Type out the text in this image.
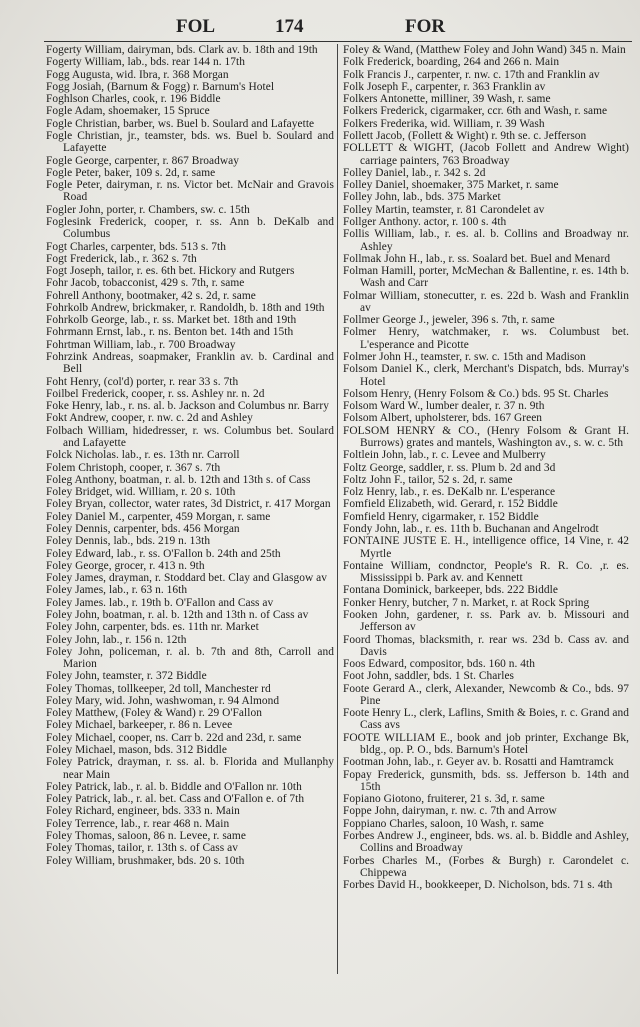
FOL	174	FOR

Fogerty William, dairyman, bds. Clark av. b. 18th and 19th

Fogerty William, lab., bds. rear 144 n. 17th

Fogg Augusta, wid. Ibra, r. 368 Morgan

Fogg Josiah, (Barnum & Fogg) r. Barnum's Hotel

Foghlson Charles, cook, r. 196 Biddle

Fogle Adam, shoemaker, 15 Spruce

Fogle Christian, barber, ws. Buel b. Soulard and Lafayette

Fogle Christian, jr., teamster, bds. ws. Buel b. Soulard and Lafayette

Fogle George, carpenter, r. 867 Broadway

Fogle Peter, baker, 109 s. 2d, r. same

Fogle Peter, dairyman, r. ns. Victor bet. McNair and Gravois Road

Fogler John, porter, r. Chambers, sw. c. 15th

Foglesink Frederick, cooper, r. ss. Ann b. DeKalb and Columbus

Fogt Charles, carpenter, bds. 513 s. 7th

Fogt Frederick, lab., r. 362 s. 7th

Fogt Joseph, tailor, r. es. 6th bet. Hickory and Rutgers

Fohr Jacob, tobacconist, 429 s. 7th, r. same

Fohrell Anthony, bootmaker, 42 s. 2d, r. same

Fohrkolb Andrew, brickmaker, r. Randoldh, b. 18th and 19th

Fohrkolb George, lab., r. ss. Market bet. 18th and 19th

Fohrmann Ernst, lab., r. ns. Benton bet. 14th and 15th

Fohrtman William, lab., r. 700 Broadway

Fohrzink Andreas, soapmaker, Franklin av. b. Cardinal and Bell

Foht Henry, (col'd) porter, r. rear 33 s. 7th

Foilbel Frederick, cooper, r. ss. Ashley nr. n. 2d

Foke Henry, lab., r. ns. al. b. Jackson and Columbus nr. Barry

Fokt Andrew, cooper, r. nw. c. 2d and Ashley

Folbach William, hidedresser, r. ws. Columbus bet. Soulard and Lafayette

Folck Nicholas. lab., r. es. 13th nr. Carroll

Folem Christoph, cooper, r. 367 s. 7th

Foleg Anthony, boatman, r. al. b. 12th and 13th s. of Cass

Foley Bridget, wid. William, r. 20 s. 10th

Foley Bryan, collector, water rates, 3d District, r. 417 Morgan

Foley Daniel M., carpenter, 459 Morgan, r. same

Foley Dennis, carpenter, bds. 456 Morgan

Foley Dennis, lab., bds. 219 n. 13th

Foley Edward, lab., r. ss. O'Fallon b. 24th and 25th

Foley George, grocer, r. 413 n. 9th

Foley James, drayman, r. Stoddard bet. Clay and Glasgow av

Foley James, lab., r. 63 n. 16th

Foley James. lab., r. 19th b. O'Fallon and Cass av

Foley John, boatman, r. al. b. 12th and 13th n. of Cass av

Foley John, carpenter, bds. es. 11th nr. Market

Foley John, lab., r. 156 n. 12th

Foley John, policeman, r. al. b. 7th and 8th, Carroll and Marion

Foley John, teamster, r. 372 Biddle

Foley Thomas, tollkeeper, 2d toll, Manchester rd

Foley Mary, wid. John, washwoman, r. 94 Almond

Foley Matthew, (Foley & Wand) r. 29 O'Fallon

Foley Michael, barkeeper, r. 86 n. Levee

Foley Michael, cooper, ns. Carr b. 22d and 23d, r. same

Foley Michael, mason, bds. 312 Biddle

Foley Patrick, drayman, r. ss. al. b. Florida and Mullanphy near Main

Foley Patrick, lab., r. al. b. Biddle and O'Fallon nr. 10th

Foley Patrick, lab., r. al. bet. Cass and O'Fallon e. of 7th

Foley Richard, engineer, bds. 333 n. Main

Foley Terrence, lab., r. rear 468 n. Main

Foley Thomas, saloon, 86 n. Levee, r. same

Foley Thomas, tailor, r. 13th s. of Cass av

Foley William, brushmaker, bds. 20 s. 10th

Foley & Wand, (Matthew Foley and John Wand) 345 n. Main

Folk Frederick, boarding, 264 and 266 n. Main

Folk Francis J., carpenter, r. nw. c. 17th and Franklin av

Folk Joseph F., carpenter, r. 363 Franklin av

Folkers Antonette, milliner, 39 Wash, r. same

Folkers Frederick, cigarmaker, ccr. 6th and Wash, r. same

Folkers Frederika, wid. William, r. 39 Wash

Follett Jacob, (Follett & Wight) r. 9th se. c. Jefferson

FOLLETT & WIGHT, (Jacob Follett and Andrew Wight) carriage painters, 763 Broadway

Folley Daniel, lab., r. 342 s. 2d

Folley Daniel, shoemaker, 375 Market, r. same

Folley John, lab., bds. 375 Market

Folley Martin, teamster, r. 81 Carondelet av

Follger Anthony. actor, r. 100 s. 4th

Follis William, lab., r. es. al. b. Collins and Broadway nr. Ashley

Follmak John H., lab., r. ss. Soalard bet. Buel and Menard

Folman Hamill, porter, McMechan & Ballentine, r. es. 14th b. Wash and Carr

Folmar William, stonecutter, r. es. 22d b. Wash and Franklin av

Follmer George J., jeweler, 396 s. 7th, r. same

Folmer Henry, watchmaker, r. ws. Columbust bet. L'esperance and Picotte

Folmer John H., teamster, r. sw. c. 15th and Madison

Folsom Daniel K., clerk, Merchant's Dispatch, bds. Murray's Hotel

Folsom Henry, (Henry Folsom & Co.) bds. 95 St. Charles

Folsom Ward W., lumber dealer, r. 37 n. 9th

Folsom Albert, upholsterer, bds. 167 Green

FOLSOM HENRY & CO., (Henry Folsom & Grant H. Burrows) grates and mantels, Washington av., s. w. c. 5th

Foltlein John, lab., r. c. Levee and Mulberry

Foltz George, saddler, r. ss. Plum b. 2d and 3d

Foltz John F., tailor, 52 s. 2d, r. same

Folz Henry, lab., r. es. DeKalb nr. L'esperance

Fomfield Elizabeth, wid. Gerard, r. 152 Biddle

Fomfield Henry, cigarmaker, r. 152 Biddle

Fondy John, lab., r. es. 11th b. Buchanan and Angelrodt

FONTAINE JUSTE E. H., intelligence office, 14 Vine, r. 42 Myrtle

Fontaine William, condnctor, People's R. R. Co. ,r. es. Mississippi b. Park av. and Kennett

Fontana Dominick, barkeeper, bds. 222 Biddle

Fonker Henry, butcher, 7 n. Market, r. at Rock Spring

Fooken John, gardener, r. ss. Park av. b. Missouri and Jefferson av

Foord Thomas, blacksmith, r. rear ws. 23d b. Cass av. and Davis

Foos Edward, compositor, bds. 160 n. 4th

Foot John, saddler, bds. 1 St. Charles

Foote Gerard A., clerk, Alexander, Newcomb & Co., bds. 97 Pine

Foote Henry L., clerk, Laflins, Smith & Boies, r. c. Grand and Cass avs

FOOTE WILLIAM E., book and job printer, Exchange Bk, bldg., op. P. O., bds. Barnum's Hotel

Footman John, lab., r. Geyer av. b. Rosatti and Hamtramck

Fopay Frederick, gunsmith, bds. ss. Jefferson b. 14th and 15th

Fopiano Giotono, fruiterer, 21 s. 3d, r. same

Foppe John, dairyman, r. nw. c. 7th and Arrow

Foppiano Charles, saloon, 10 Wash, r. same

Forbes Andrew J., engineer, bds. ws. al. b. Biddle and Ashley, Collins and Broadway

Forbes Charles M., (Forbes & Burgh) r. Carondelet c. Chippewa

Forbes David H., bookkeeper, D. Nicholson, bds. 71 s. 4th
